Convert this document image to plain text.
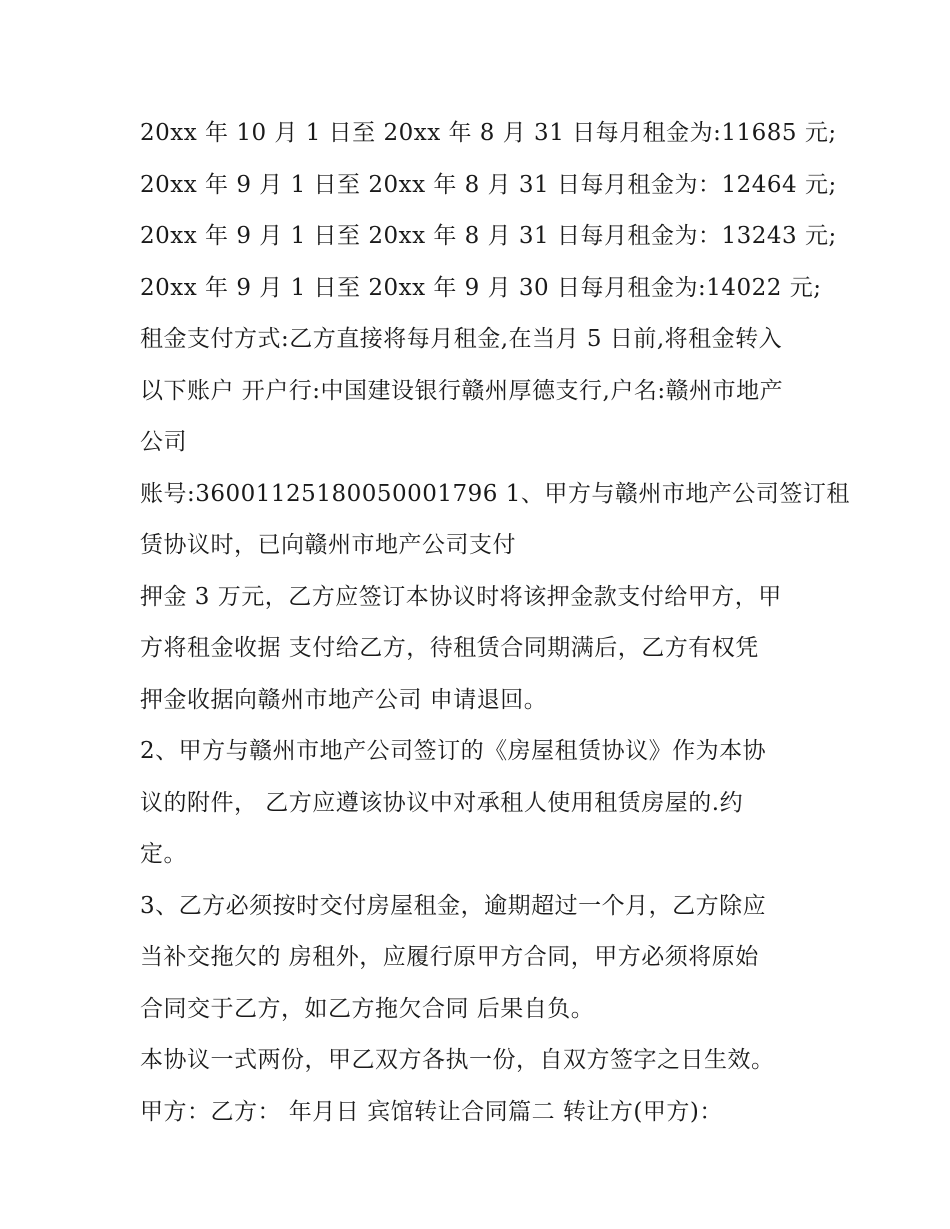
20xx 年 10 月 1 日至 20xx 年 8 月 31 日每月租金为:11685 元;
20xx 年 9 月 1 日至 20xx 年 8 月 31 日每月租金为：12464 元;
20xx 年 9 月 1 日至 20xx 年 8 月 31 日每月租金为：13243 元;
20xx 年 9 月 1 日至 20xx 年 9 月 30 日每月租金为:14022 元;
租金支付方式:乙方直接将每月租金,在当月 5 日前,将租金转入
以下账户 开户行:中国建设银行赣州厚德支行,户名:赣州市地产
公司
账号:36001125180050001796 1、甲方与赣州市地产公司签订租
赁协议时，已向赣州市地产公司支付
押金 3 万元，乙方应签订本协议时将该押金款支付给甲方，甲
方将租金收据 支付给乙方，待租赁合同期满后，乙方有权凭
押金收据向赣州市地产公司 申请退回。
2、甲方与赣州市地产公司签订的《房屋租赁协议》作为本协
议的附件， 乙方应遵该协议中对承租人使用租赁房屋的.约
定。
3、乙方必须按时交付房屋租金，逾期超过一个月，乙方除应
当补交拖欠的 房租外，应履行原甲方合同，甲方必须将原始
合同交于乙方，如乙方拖欠合同 后果自负。
本协议一式两份，甲乙双方各执一份，自双方签字之日生效。
甲方：乙方： 年月日 宾馆转让合同篇二 转让方(甲方)：
